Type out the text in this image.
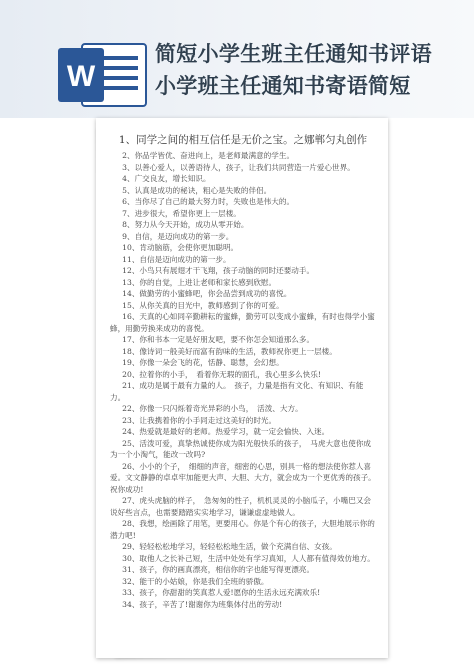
W
简短小学生班主任通知书评语
小学班主任通知书寄语简短
1、同学之间的相互信任是无价之宝。之娜郸匀丸创作
2、你品学皆优、奋进向上，是老师最满意的学生。
3、以善心爱人，以善语待人，孩子，让我们共同营造一片爱心世界。
4、广交良友，增长知识。
5、认真是成功的秘诀，粗心是失败的伴侣。
6、当你尽了自己的最大努力时，失败也是伟大的。
7、进步很大，希望你更上一层楼。
8、努力从今天开始，成功从零开始。
9、自信，是迈向成功的第一步。
10、肯动脑筋，会使你更加聪明。
11、自信是迈向成功的第一步。
12、小鸟只有展翅才干飞翔，孩子动脑的同时还要动手。
13、你的自觉，上进让老师和家长感到欣慰。
14、做勤劳的小蜜蜂吧，你会品尝到成功的喜悦。
15、从你关真的目光中，教师感到了你的可爱。
16、天真的心如同辛勤耕耘的蜜蜂，勤劳可以变成小蜜蜂，有时也得学小蜜蜂，用勤劳换来成功的喜悦。
17、你和书本一定是好朋友吧，要不你怎会知道那么多。
18、像诗词一般美好而富有韵味的生活，教师祝你更上一层楼。
19、你像一朵会飞的花，恬静、聪慧，会幻想。
20、拉着你的小手，　看着你无瑕的面孔，我心里多么快乐!
21、成功是属于最有力量的人。　孩子，力量是指有文化、有知识、有能力。
22、你像一只闪烁着奇光异彩的小鸟，　活泼、大方。
23、让我携着你的小手同走过这美好的时光。
24、热爱就是最好的老师。热爱学习，就一定会愉快、入迷。
25、活泼可爱，真挚热诚使你成为阳光般快乐的孩子，　马虎大意也使你成为一个小淘气，能改一改吗?
26、小小的个子，　细细的声音，细密的心思，别具一格的想法使你惹人喜爱。文文静静的卓卓牢加能更大声、大胆、大方，就会成为一个更优秀的孩子。祝你成功!
27、虎头虎脑的样子，　急匆匆的性子，机机灵灵的小脑瓜子，小嘴巴又会说好些言点，也需要踏踏实实地学习，谦谦虚虚地做人。
28、我想，绘画除了用笔，更要用心。你是个有心的孩子，大胆地展示你的潜力吧!
29、轻轻松松地学习，轻轻松松地生活，做个充满自信、女孩。
30、取他人之长补己短，生活中处处有学习真知，人人都有值得效仿地方。
31、孩子，你的画真漂亮，相信你的字也能写得更漂亮。
32、能干的小姑娘，你是我们全班的骄傲。
33、孩子，你甜甜的笑真惹人爱!愿你的生活永远充满欢乐!
34、孩子，辛苦了!谢谢你为班集体付出的劳动!
